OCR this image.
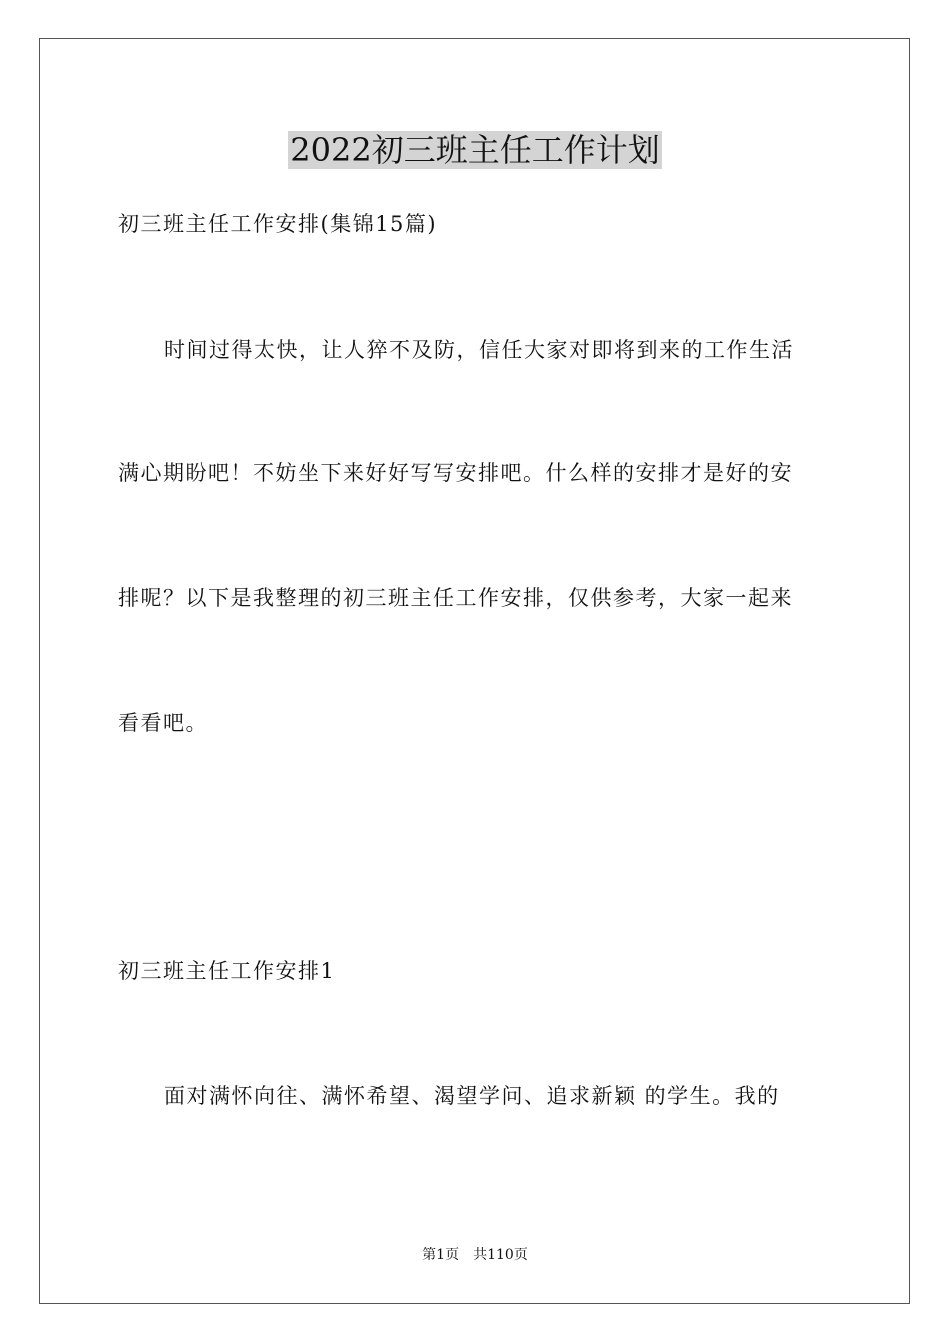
2022初三班主任工作计划

初三班主任工作安排(集锦15篇)

时间过得太快，让人猝不及防，信任大家对即将到来的工作生活

满心期盼吧！不妨坐下来好好写写安排吧。什么样的安排才是好的安

排呢？以下是我整理的初三班主任工作安排，仅供参考，大家一起来

看看吧。

初三班主任工作安排1

面对满怀向往、满怀希望、渴望学问、追求新颖 的学生。我的

第1页 共110页
